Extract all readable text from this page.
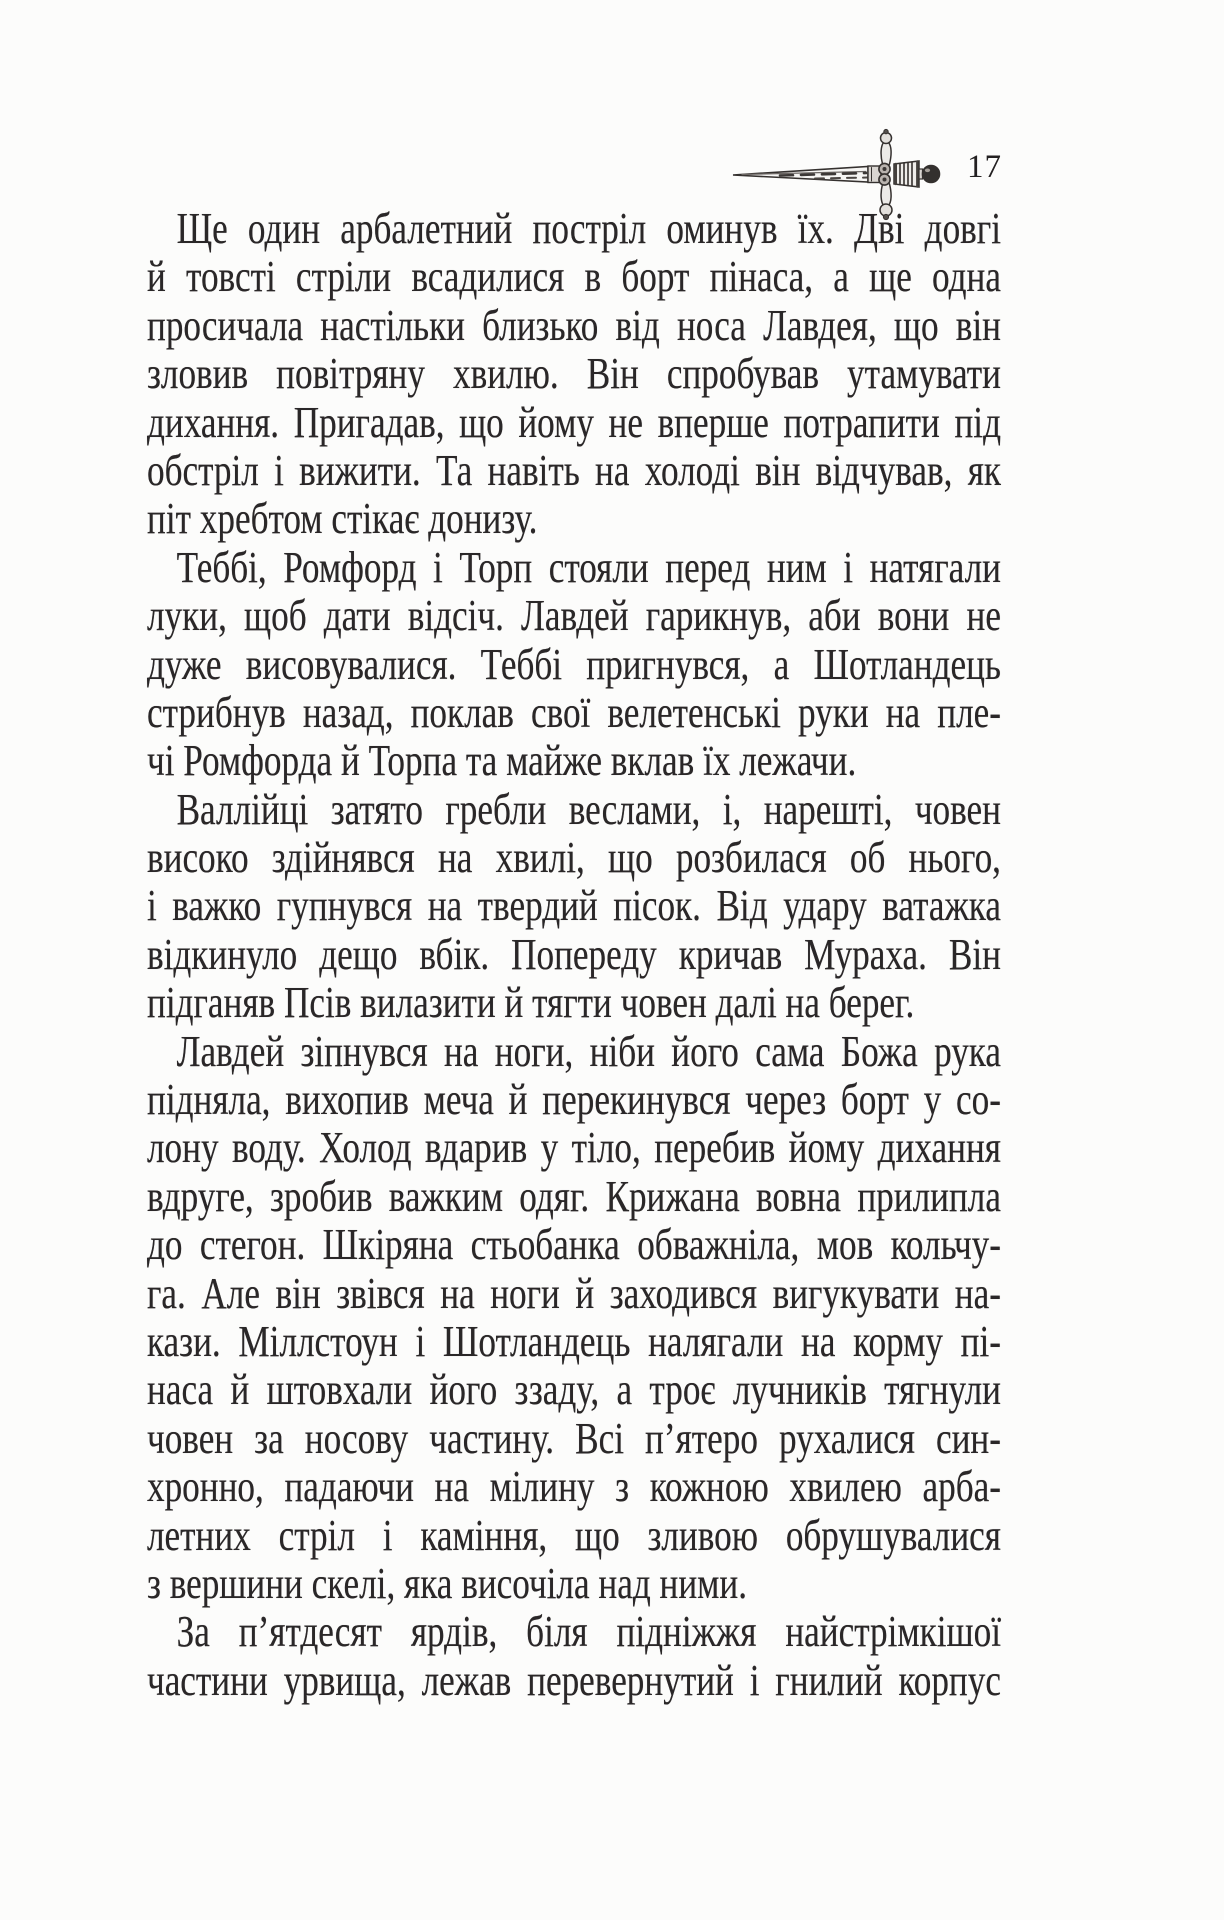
17
Ще один арбалетний постріл оминув їх. Дві довгі
й товсті стріли всадилися в борт пінаса, а ще одна
просичала настільки близько від носа Лавдея, що він
зловив повітряну хвилю. Він спробував утамувати
дихання. Пригадав, що йому не вперше потрапити під
обстріл і вижити. Та навіть на холоді він відчував, як
піт хребтом стікає донизу.
Теббі, Ромфорд і Торп стояли перед ним і натягали
луки, щоб дати відсіч. Лавдей гарикнув, аби вони не
дуже висовувалися. Теббі пригнувся, а Шотландець
стрибнув назад, поклав свої велетенські руки на пле-
чі Ромфорда й Торпа та майже вклав їх лежачи.
Валлійці затято гребли веслами, і, нарешті, човен
високо здійнявся на хвилі, що розбилася об нього,
і важко гупнувся на твердий пісок. Від удару ватажка
відкинуло дещо вбік. Попереду кричав Мураха. Він
підганяв Псів вилазити й тягти човен далі на берег.
Лавдей зіпнувся на ноги, ніби його сама Божа рука
підняла, вихопив меча й перекинувся через борт у со-
лону воду. Холод вдарив у тіло, перебив йому дихання
вдруге, зробив важким одяг. Крижана вовна прилипла
до стегон. Шкіряна стьобанка обважніла, мов кольчу-
га. Але він звівся на ноги й заходився вигукувати на-
кази. Міллстоун і Шотландець налягали на корму пі-
наса й штовхали його ззаду, а троє лучників тягнули
човен за носову частину. Всі п’ятеро рухалися син-
хронно, падаючи на мілину з кожною хвилею арба-
летних стріл і каміння, що зливою обрушувалися
з вершини скелі, яка височіла над ними.
За п’ятдесят ярдів, біля підніжжя найстрімкішої
частини урвища, лежав перевернутий і гнилий корпус
